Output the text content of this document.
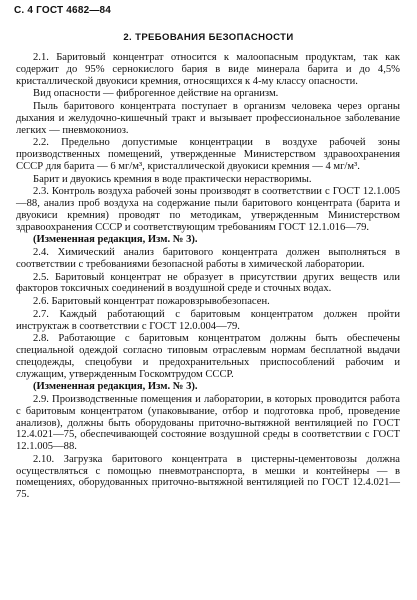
С. 4 ГОСТ 4682—84
2. ТРЕБОВАНИЯ БЕЗОПАСНОСТИ

2.1. Баритовый концентрат относится к малоопасным продуктам, так как содержит до 95% сернокислого бария в виде минерала барита и до 4,5% кристаллической двуокиси кремния, относящихся к 4-му классу опасности.

Вид опасности — фиброгенное действие на организм.

Пыль баритового концентрата поступает в организм человека через органы дыхания и желудочно-кишечный тракт и вызывает профессиональное заболевание легких — пневмокониоз.

2.2. Предельно допустимые концентрации в воздухе рабочей зоны производственных помещений, утвержденные Министерством здравоохранения СССР для барита — 6 мг/м³, кристаллической двуокиси кремния — 4 мг/м³.

Барит и двуокись кремния в воде практически нерастворимы.

2.3. Контроль воздуха рабочей зоны производят в соответствии с ГОСТ 12.1.005—88, анализ проб воздуха на содержание пыли баритового концентрата (барита и двуокиси кремния) проводят по методикам, утвержденным Министерством здравоохранения СССР и соответствующим требованиям ГОСТ 12.1.016—79.

(Измененная редакция, Изм. № 3).

2.4. Химический анализ баритового концентрата должен выполняться в соответствии с требованиями безопасной работы в химической лаборатории.

2.5. Баритовый концентрат не образует в присутствии других веществ или факторов токсичных соединений в воздушной среде и сточных водах.

2.6. Баритовый концентрат пожаровзрывобезопасен.

2.7. Каждый работающий с баритовым концентратом должен пройти инструктаж в соответствии с ГОСТ 12.0.004—79.

2.8. Работающие с баритовым концентратом должны быть обеспечены специальной одеждой согласно типовым отраслевым нормам бесплатной выдачи спецодежды, спецобуви и предохранительных приспособлений рабочим и служащим, утвержденным Госкомтрудом СССР.

(Измененная редакция, Изм. № 3).

2.9. Производственные помещения и лаборатории, в которых проводится работа с баритовым концентратом (упаковывание, отбор и подготовка проб, проведение анализов), должны быть оборудованы приточно-вытяжной вентиляцией по ГОСТ 12.4.021—75, обеспечивающей состояние воздушной среды в соответствии с ГОСТ 12.1.005—88.

2.10. Загрузка баритового концентрата в цистерны-цементовозы должна осуществляться с помощью пневмотранспорта, в мешки и контейнеры — в помещениях, оборудованных приточно-вытяжной вентиляцией по ГОСТ 12.4.021—75.
